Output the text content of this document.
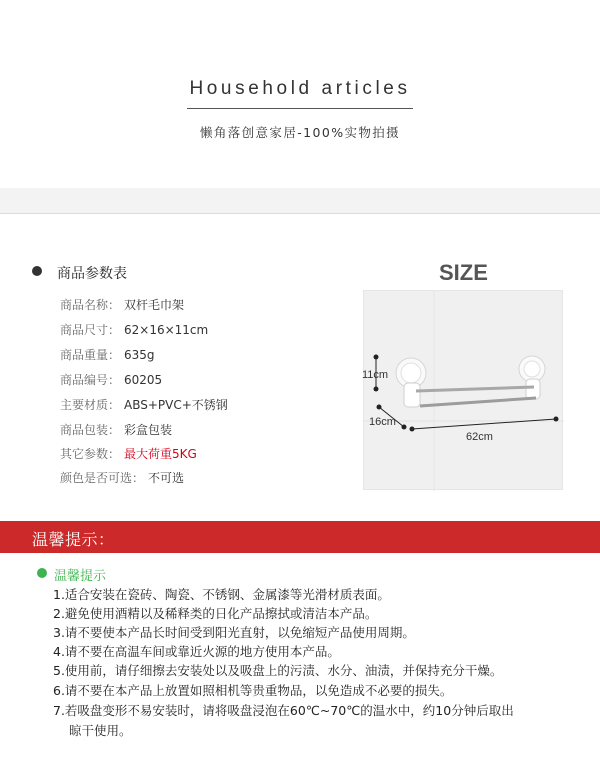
Household articles
懒角落创意家居-100%实物拍摄
商品参数表
商品名称： 双杆毛巾架
商品尺寸： 62×16×11cm
商品重量： 635g
商品编号： 60205
主要材质： ABS+PVC+不锈钢
商品包装： 彩盒包装
其它参数： 最大荷重5KG
颜色是否可选： 不可选
SIZE
11cm
16cm
62cm
温馨提示：
温馨提示
1.适合安装在瓷砖、陶瓷、不锈钢、金属漆等光滑材质表面。
2.避免使用酒精以及稀释类的日化产品擦拭或清洁本产品。
3.请不要使本产品长时间受到阳光直射，以免缩短产品使用周期。
4.请不要在高温车间或靠近火源的地方使用本产品。
5.使用前，请仔细擦去安装处以及吸盘上的污渍、水分、油渍，并保持充分干燥。
6.请不要在本产品上放置如照相机等贵重物品，以免造成不必要的损失。
7.若吸盘变形不易安装时，请将吸盘浸泡在60℃~70℃的温水中，约10分钟后取出
晾干使用。
